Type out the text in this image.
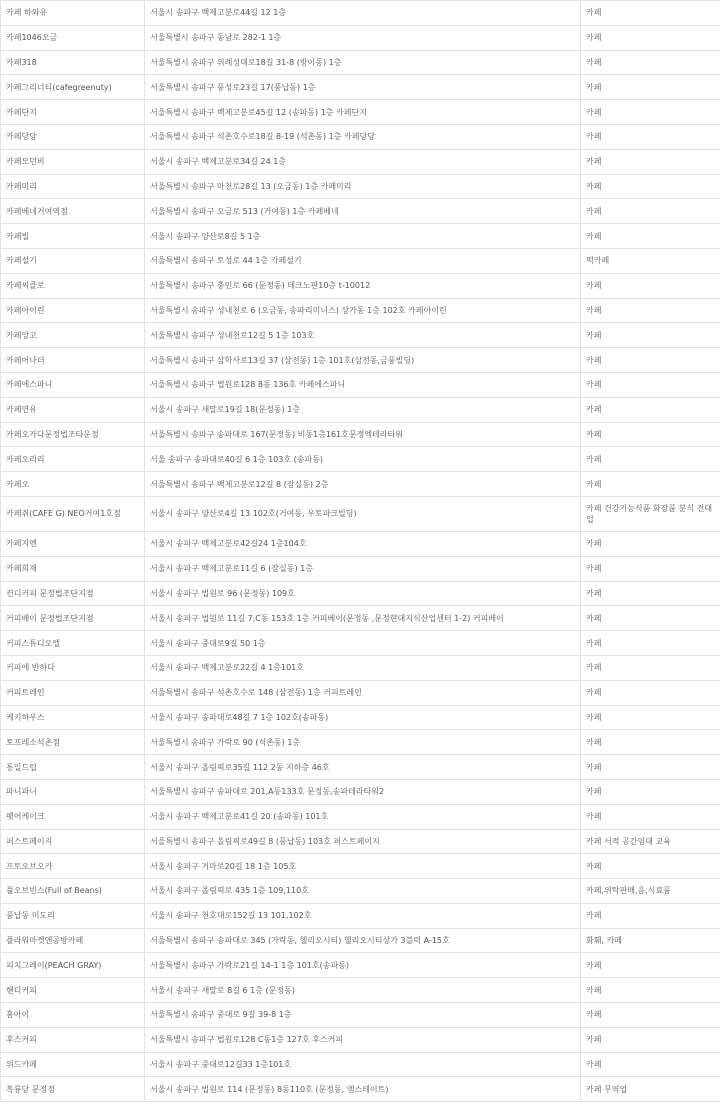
카페 하와유	서울시 송파구 백제고분로44길 12 1층	카페
카페1046오금	서울특별시 송파구 동남로 282-1 1층	카페
카페318	서울특별시 송파구 위례성대로18길 31-8 (방이동) 1층	카페
카페그리너티(cafegreenuty)	서울특별시 송파구 풍성로23길 17(풍납동) 1층	카페
카페단지	서울특별시 송파구 백제고분로45길 12 (송파동) 1층 카페단지	카페
카페당당	서울특별시 송파구 석촌호수로18길 8-19 (석촌동) 1층 카페당당	카페
카페모던비	서울시 송파구 백제고분로34길 24 1층	카페
카페미리	서울특별시 송파구 마천로28길 13 (오금동) 1층 카페미리	카페
카페베네거여역점	서울특별시 송파구 오금로 513 (거여동) 1층 카페베네	카페
카페빌	서울시 송파구 양산로8길 5 1층	카페
카페설기	서울특별시 송파구 토성로 44 1층 카페설기	떡카페
카페씨클로	서울특별시 송파구 충민로 66 (문정동) 테크노판10층 t-10012	카페
카페아이린	서울특별시 송파구 성내천로 6 (오금동, 송파리미니스) 상가동 1층 102호 카페아이린	카페
카페앙고	서울특별시 송파구 성내천로12길 5 1층 103호	카페
카페어나더	서울특별시 송파구 삼학사로13길 37 (삼전동) 1층 101호(삼전동,금풍빌딩)	카페
카페에스파니	서울특별시 송파구 법원로128 8동 136호 카페에스파니	카페
카페연유	서울시 송파구 새말로19길 18(문정동) 1층	카페
카페오가다문정법조타운점	서울특별시 송파구 송파대로 167(문정동) 비동1층161호문정엑테라타워	카페
카페오리리	서울 송파구 송파대로40길 6 1층 103호 (송파동)	카페
카페오	서울특별시 송파구 백제고분로12길 8 (잠실동) 2층	카페
카페쥐(CAFE G) NEO거여1호점	서울시 송파구 양산로4길 13 102호(거여동, 우토파크빌딩)	카페 건강기능식품 화장품 분식 전대업
카페지엔	서울시 송파구 백제고분로42길24 1층104호	카페
카페희재	서울시 송파구 백제고분로11길 6 (잠실동) 1층	카페
컨디커피 문정법조단지점	서울시 송파구 법원로 96 (문정동) 109호	카페
커피베이 문정법조단지점	서울시 송파구 법원로 11길 7,C동 153호 1층 커피베이(문정동 ,문정현대지식산업센터 1-2) 커피베이	카페
커피스튜디오엘	서울시 송파구 중대로9길 50 1층	카페
커피에 반하다	서울시 송파구 백제고분로22길 4 1층101호	카페
커피트레인	서울특별시 송파구 석촌호수로 148 (삼전동) 1층 커피트레인	카페
케키하우스	서울시 송파구 송파대로48길 7 1층 102호(송파동)	카페
토프레소석촌점	서울특별시 송파구 가락로 90 (석촌동) 1층	카페
통일드립	서울시 송파구 올림픽로35길 112 2동 지하층 46호	카페
파니파니	서울특별시 송파구 송파대로 201,A동133호 문정동,송파테라타워2	카페
팻어케이크	서울시 송파구 백제고분로41길 20 (송파동) 101호	카페
퍼스트페이지	서울특별시 송파구 올림픽로49길 8 (풍납동) 103호 퍼스트페이지	카페 서적 공간임대 교육
프토오브오카	서울시 송파구 거마로20길 18 1층 105호	카페
풀오브빈스(Full of Beans)	서울시 송파구 올림픽로 435 1층 109,110호	카페,위탁판매,음,식료품
풍납동 미도리	서울시 송파구 천호대로152길 13 101,102호	카페
플라워마켓앤공방카페	서울특별시 송파구 송파대로 345 (가락동, 헬리오시티) 헬리오시티상가 3블럭 A-15호	화훼, 카페
피치그레이(PEACH GRAY)	서울특별시 송파구 가락로21길 14-1 1층 101호(송파동)	카페
핸디커피	서울시 송파구 새말로 8길 6 1층 (문정동)	카페
홈아이	서울특별시 송파구 중대로 9길 39-8 1층	카페
후스커피	서울특별시 송파구 법원로128 C동1층 127호 후스커피	카페
위드카페	서울시 송파구 중대로12길33 1층101호	카페
흑룡당 문정점	서울시 송파구 법원로 114 (문정동) 8동110호 (문정동, 엠스테이트)	카페 무역업
